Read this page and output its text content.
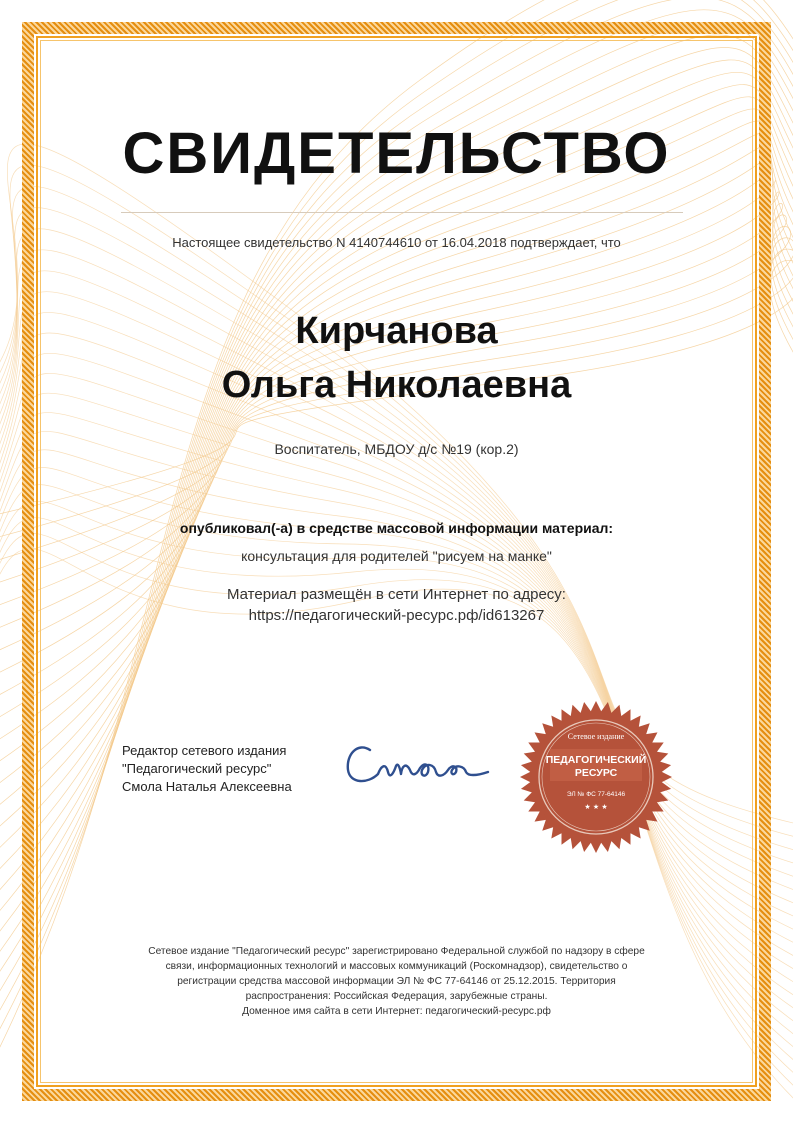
СВИДЕТЕЛЬСТВО
Настоящее свидетельство N 4140744610 от 16.04.2018 подтверждает, что
Кирчанова
Ольга Николаевна
Воспитатель, МБДОУ д/с №19 (кор.2)
опубликовал(-а) в средстве массовой информации материал:
консультация для родителей "рисуем на манке"
Материал размещён в сети Интернет по адресу:
https://педагогический-ресурс.рф/id613267
Редактор сетевого издания
"Педагогический ресурс"
Смола Наталья Алексеевна
Сетевое издание
ПЕДАГОГИЧЕСКИЙ
РЕСУРС
ЭЛ № ФС 77-64146
★ ★ ★
Сетевое издание "Педагогический ресурс" зарегистрировано Федеральной службой по надзору в сфере
связи, информационных технологий и массовых коммуникаций (Роскомнадзор), свидетельство о
регистрации средства массовой информации ЭЛ № ФС 77-64146 от 25.12.2015. Территория
распространения: Российская Федерация, зарубежные страны.
Доменное имя сайта в сети Интернет: педагогический-ресурс.рф
